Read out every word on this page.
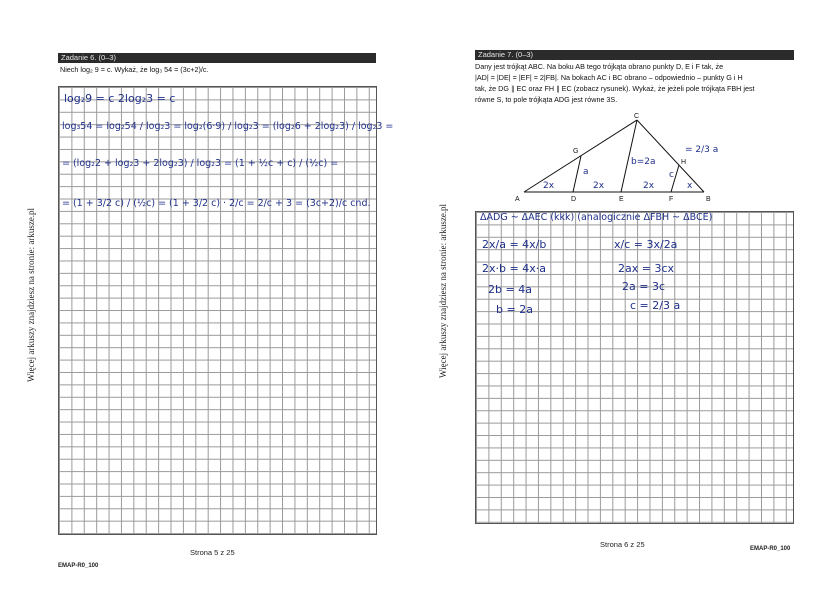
Więcej arkuszy znajdziesz na stronie: arkusze.pl
Zadanie 6. (0–3)
Niech log₂ 9 = c. Wykaż, że log₃ 54 = (3c+2)/c.
log₂9 = c 2log₂3 = c
log₃54 = log₂54 / log₂3 = log₂(6·9) / log₂3 = (log₂6 + 2log₂3) / log₂3 =
= (log₂2 + log₂3 + 2log₂3) / log₂3 = (1 + ½c + c) / (½c) =
= (1 + 3/2 c) / (½c) = (1 + 3/2 c) · 2/c = 2/c + 3 = (3c+2)/c cnd.
Strona 5 z 25
EMAP-R0_100
Więcej arkuszy znajdziesz na stronie: arkusze.pl
Zadanie 7. (0–3)
Dany jest trójkąt ABC. Na boku AB tego trójkąta obrano punkty D, E i F tak, że
|AD| = |DE| = |EF| = 2|FB|. Na bokach AC i BC obrano – odpowiednio – punkty G i H
tak, że DG ∥ EC oraz FH ∥ EC (zobacz rysunek). Wykaż, że jeżeli pole trójkąta FBH jest
równe S, to pole trójkąta ADG jest równe 3S.
A	D	E	F	B
C
G
H
2x	2x	2x	x
a
b=2a
c
= 2/3 a
ΔADG ~ ΔAEC (kkk) (analogicznie ΔFBH ~ ΔBCE)
2x/a = 4x/b
2x·b = 4x·a
2b = 4a
b = 2a
x/c = 3x/2a
2ax = 3cx
2a = 3c
c = 2/3 a
Strona 6 z 25	EMAP-R0_100
